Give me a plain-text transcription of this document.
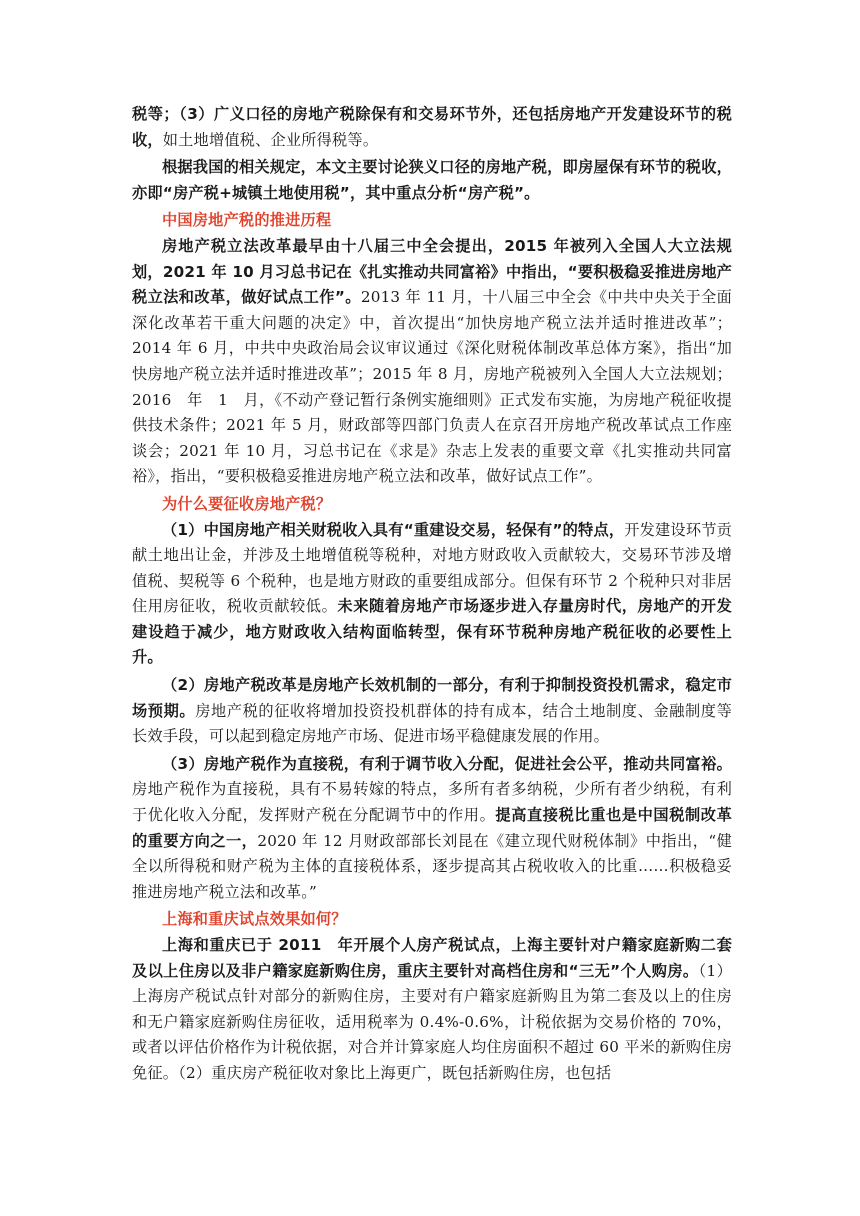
税等；（3）广义口径的房地产税除保有和交易环节外，还包括房地产开发建设环节的税收，如土地增值税、企业所得税等。

根据我国的相关规定，本文主要讨论狭义口径的房地产税，即房屋保有环节的税收，亦即“房产税+城镇土地使用税”，其中重点分析“房产税”。

中国房地产税的推进历程

房地产税立法改革最早由十八届三中全会提出，2015 年被列入全国人大立法规划，2021 年 10 月习总书记在《扎实推动共同富裕》中指出，“要积极稳妥推进房地产税立法和改革，做好试点工作”。2013 年 11 月，十八届三中全会《中共中央关于全面深化改革若干重大问题的决定》中，首次提出“加快房地产税立法并适时推进改革”；2014 年 6 月，中共中央政治局会议审议通过《深化财税体制改革总体方案》，指出“加快房地产税立法并适时推进改革”；2015 年 8 月，房地产税被列入全国人大立法规划；2016　年　1　月，《不动产登记暂行条例实施细则》正式发布实施，为房地产税征收提供技术条件；2021 年 5 月，财政部等四部门负责人在京召开房地产税改革试点工作座谈会；2021 年 10 月，习总书记在《求是》杂志上发表的重要文章《扎实推动共同富裕》，指出，“要积极稳妥推进房地产税立法和改革，做好试点工作”。

为什么要征收房地产税？

（1）中国房地产相关财税收入具有“重建设交易，轻保有”的特点，开发建设环节贡献土地出让金，并涉及土地增值税等税种，对地方财政收入贡献较大，交易环节涉及增值税、契税等 6 个税种，也是地方财政的重要组成部分。但保有环节 2 个税种只对非居住用房征收，税收贡献较低。未来随着房地产市场逐步进入存量房时代，房地产的开发建设趋于减少，地方财政收入结构面临转型，保有环节税种房地产税征收的必要性上升。

（2）房地产税改革是房地产长效机制的一部分，有利于抑制投资投机需求，稳定市场预期。房地产税的征收将增加投资投机群体的持有成本，结合土地制度、金融制度等长效手段，可以起到稳定房地产市场、促进市场平稳健康发展的作用。

（3）房地产税作为直接税，有利于调节收入分配，促进社会公平，推动共同富裕。房地产税作为直接税，具有不易转嫁的特点，多所有者多纳税，少所有者少纳税，有利于优化收入分配，发挥财产税在分配调节中的作用。提高直接税比重也是中国税制改革的重要方向之一，2020 年 12 月财政部部长刘昆在《建立现代财税体制》中指出，“健全以所得税和财产税为主体的直接税体系，逐步提高其占税收收入的比重……积极稳妥推进房地产税立法和改革。”

上海和重庆试点效果如何？

上海和重庆已于 2011　年开展个人房产税试点，上海主要针对户籍家庭新购二套及以上住房以及非户籍家庭新购住房，重庆主要针对高档住房和“三无”个人购房。（1）上海房产税试点针对部分的新购住房，主要对有户籍家庭新购且为第二套及以上的住房和无户籍家庭新购住房征收，适用税率为 0.4%-0.6%，计税依据为交易价格的 70%，或者以评估价格作为计税依据，对合并计算家庭人均住房面积不超过 60 平米的新购住房免征。（2）重庆房产税征收对象比上海更广，既包括新购住房，也包括
